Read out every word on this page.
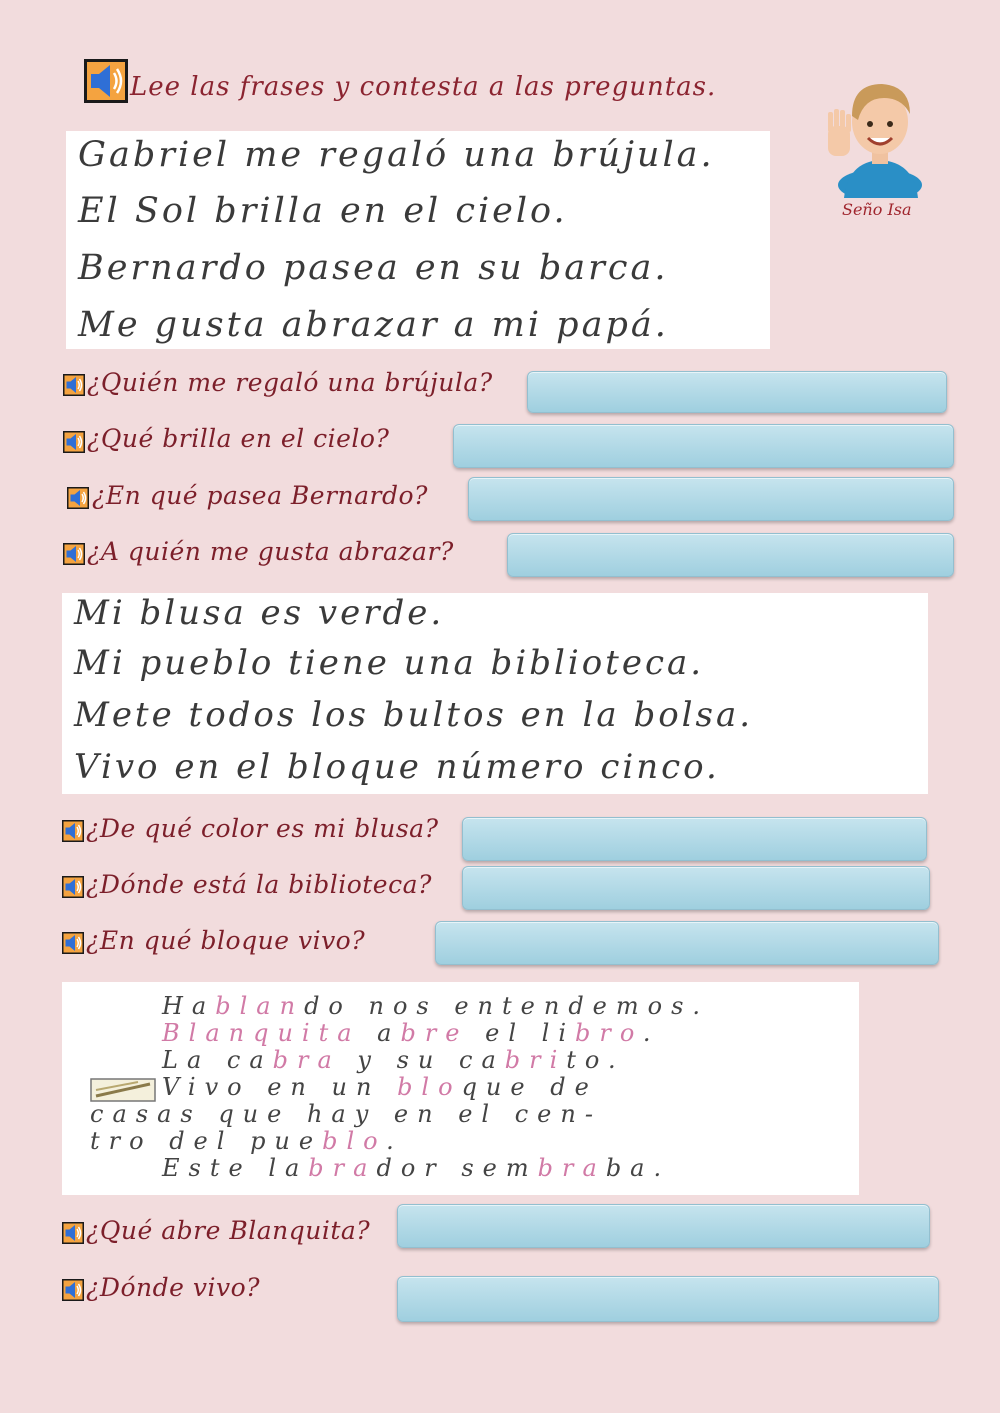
Lee las frases y contesta a las preguntas.
Seño Isa
Gabriel me regaló una brújula.
El Sol brilla en el cielo.
Bernardo pasea en su barca.
Me gusta abrazar a mi papá.
¿Quién me regaló una brújula?
¿Qué brilla en el cielo?
¿En qué pasea Bernardo?
¿A quién me gusta abrazar?
Mi blusa es verde.
Mi pueblo tiene una biblioteca.
Mete todos los bultos en la bolsa.
Vivo en el bloque número cinco.
¿De qué color es mi blusa?
¿Dónde está la biblioteca?
¿En qué bloque vivo?
Hablando nos entendemos.
Blanquita abre el libro.
La cabra y su cabrito.
Vivo en un bloque de
casas que hay en el cen-
tro del pueblo.
Este labrador sembraba.
¿Qué abre Blanquita?
¿Dónde vivo?
